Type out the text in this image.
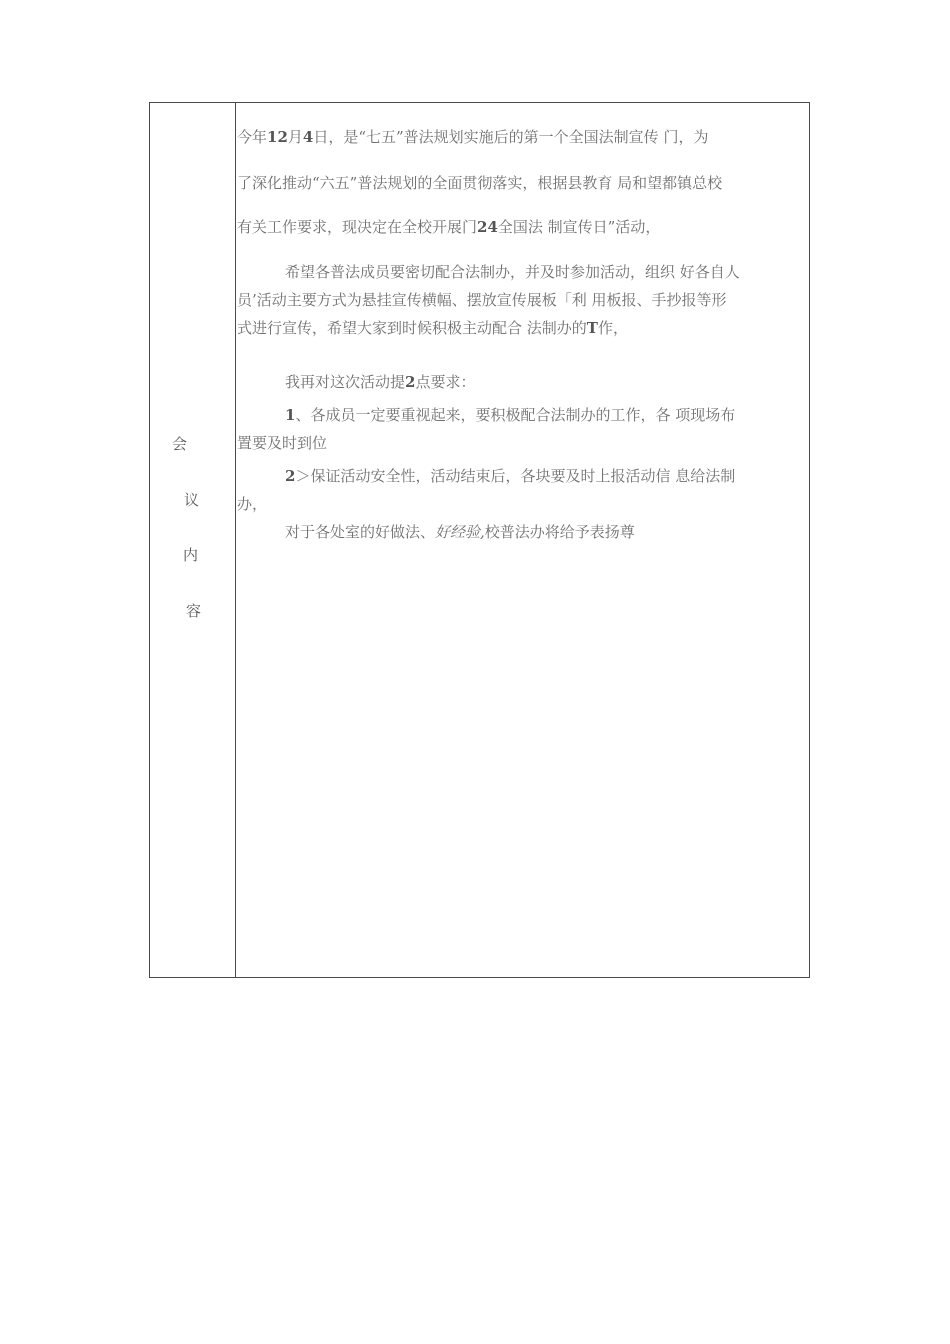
会
议
内
容
今年12月4日，是“七五”普法规划实施后的第一个全国法制宣传 门，为
了深化推动“六五”普法规划的全面贯彻落实，根据县教育 局和望都镇总校
有关工作要求，现决定在全校开展门24全国法 制宣传日”活动，
希望各普法成员要密切配合法制办，并及时参加活动，组织 好各自人
员’活动主要方式为悬挂宣传横幅、摆放宣传展板「利 用板报、手抄报等形
式进行宣传，希望大家到时候积极主动配合 法制办的T作，
我再对这次活动提2点要求：
1、各成员一定要重视起来，要积极配合法制办的工作，各 项现场布
置要及时到位
2＞保证活动安全性，活动结束后，各块要及时上报活动信 息给法制
办，
对于各处室的好做法、好经验,校普法办将给予表扬尊
